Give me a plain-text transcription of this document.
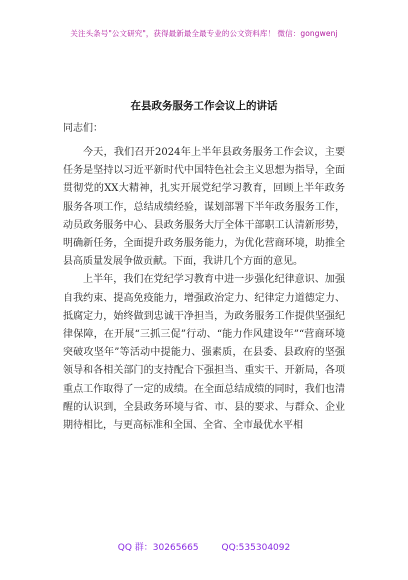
关注头条号"公文研究"，获得最新最全最专业的公文资料库！ 微信：gongwenj
在县政务服务工作会议上的讲话

同志们：

今天，我们召开2024年上半年县政务服务工作会议，主要任务是坚持以习近平新时代中国特色社会主义思想为指导，全面贯彻党的XX大精神，扎实开展党纪学习教育，回顾上半年政务服务各项工作，总结成绩经验，谋划部署下半年政务服务工作，动员政务服务中心、县政务服务大厅全体干部职工认清新形势，明确新任务，全面提升政务服务能力，为优化营商环境，助推全县高质量发展争做贡献。下面，我讲几个方面的意见。

上半年，我们在党纪学习教育中进一步强化纪律意识、加强自我约束、提高免疫能力，增强政治定力、纪律定力道德定力、抵腐定力，始终做到忠诚干净担当，为政务服务工作提供坚强纪律保障，在开展“三抓三促”行动、“能力作风建设年”“营商环境突破攻坚年”等活动中提能力、强素质，在县委、县政府的坚强领导和各相关部门的支持配合下强担当、重实干、开新局，各项重点工作取得了一定的成绩。在全面总结成绩的同时，我们也清醒的认识到，全县政务环境与省、市、县的要求、与群众、企业期待相比，与更高标准和全国、全省、全市最优水平相

QQ 群：30265665	QQ:535304092
